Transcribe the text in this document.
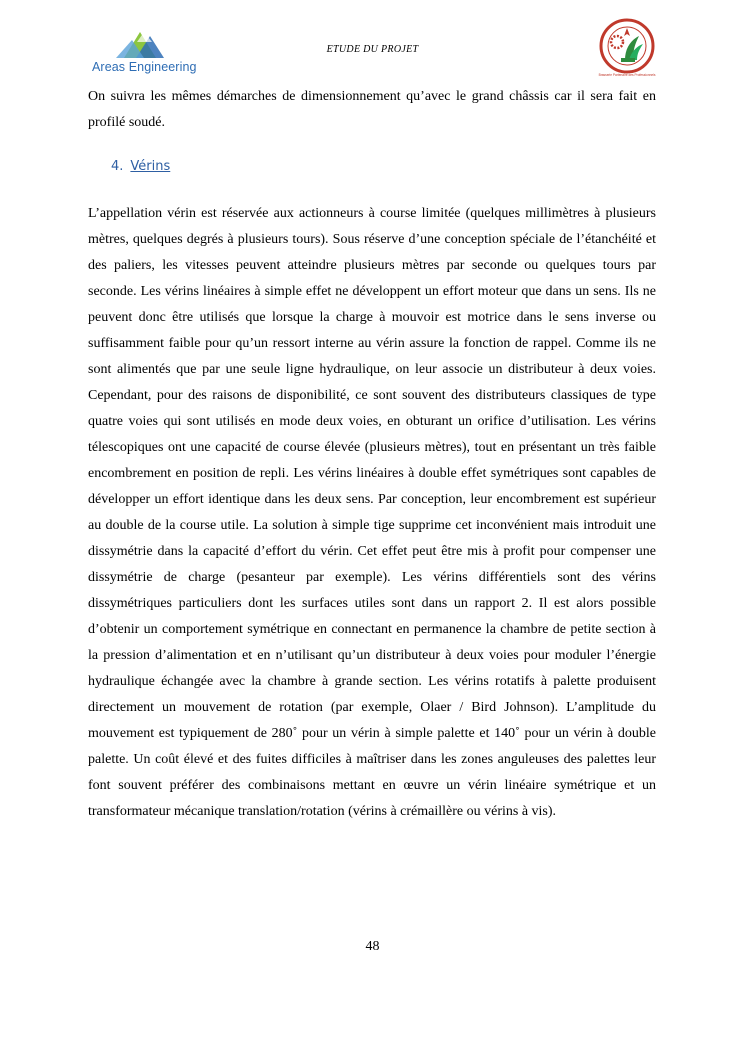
Areas Engineering
ETUDE DU PROJET
Brasserie Partenaire des Professionnels

On suivra les mêmes démarches de dimensionnement qu’avec le grand châssis car il sera fait en profilé soudé.

4. Vérins

L’appellation vérin est réservée aux actionneurs à course limitée (quelques millimètres à plusieurs mètres, quelques degrés à plusieurs tours). Sous réserve d’une conception spéciale de l’étanchéité et des paliers, les vitesses peuvent atteindre plusieurs mètres par seconde ou quelques tours par seconde. Les vérins linéaires à simple effet ne développent un effort moteur que dans un sens. Ils ne peuvent donc être utilisés que lorsque la charge à mouvoir est motrice dans le sens inverse ou suffisamment faible pour qu’un ressort interne au vérin assure la fonction de rappel. Comme ils ne sont alimentés que par une seule ligne hydraulique, on leur associe un distributeur à deux voies. Cependant, pour des raisons de disponibilité, ce sont souvent des distributeurs classiques de type quatre voies qui sont utilisés en mode deux voies, en obturant un orifice d’utilisation. Les vérins télescopiques ont une capacité de course élevée (plusieurs mètres), tout en présentant un très faible encombrement en position de repli. Les vérins linéaires à double effet symétriques sont capables de développer un effort identique dans les deux sens. Par conception, leur encombrement est supérieur au double de la course utile. La solution à simple tige supprime cet inconvénient mais introduit une dissymétrie dans la capacité d’effort du vérin. Cet effet peut être mis à profit pour compenser une dissymétrie de charge (pesanteur par exemple). Les vérins différentiels sont des vérins dissymétriques particuliers dont les surfaces utiles sont dans un rapport 2. Il est alors possible d’obtenir un comportement symétrique en connectant en permanence la chambre de petite section à la pression d’alimentation et en n’utilisant qu’un distributeur à deux voies pour moduler l’énergie hydraulique échangée avec la chambre à grande section. Les vérins rotatifs à palette produisent directement un mouvement de rotation (par exemple, Olaer / Bird Johnson). L’amplitude du mouvement est typiquement de 280˚ pour un vérin à simple palette et 140˚ pour un vérin à double palette. Un coût élevé et des fuites difficiles à maîtriser dans les zones anguleuses des palettes leur font souvent préférer des combinaisons mettant en œuvre un vérin linéaire symétrique et un transformateur mécanique translation/rotation (vérins à crémaillère ou vérins à vis).

48
